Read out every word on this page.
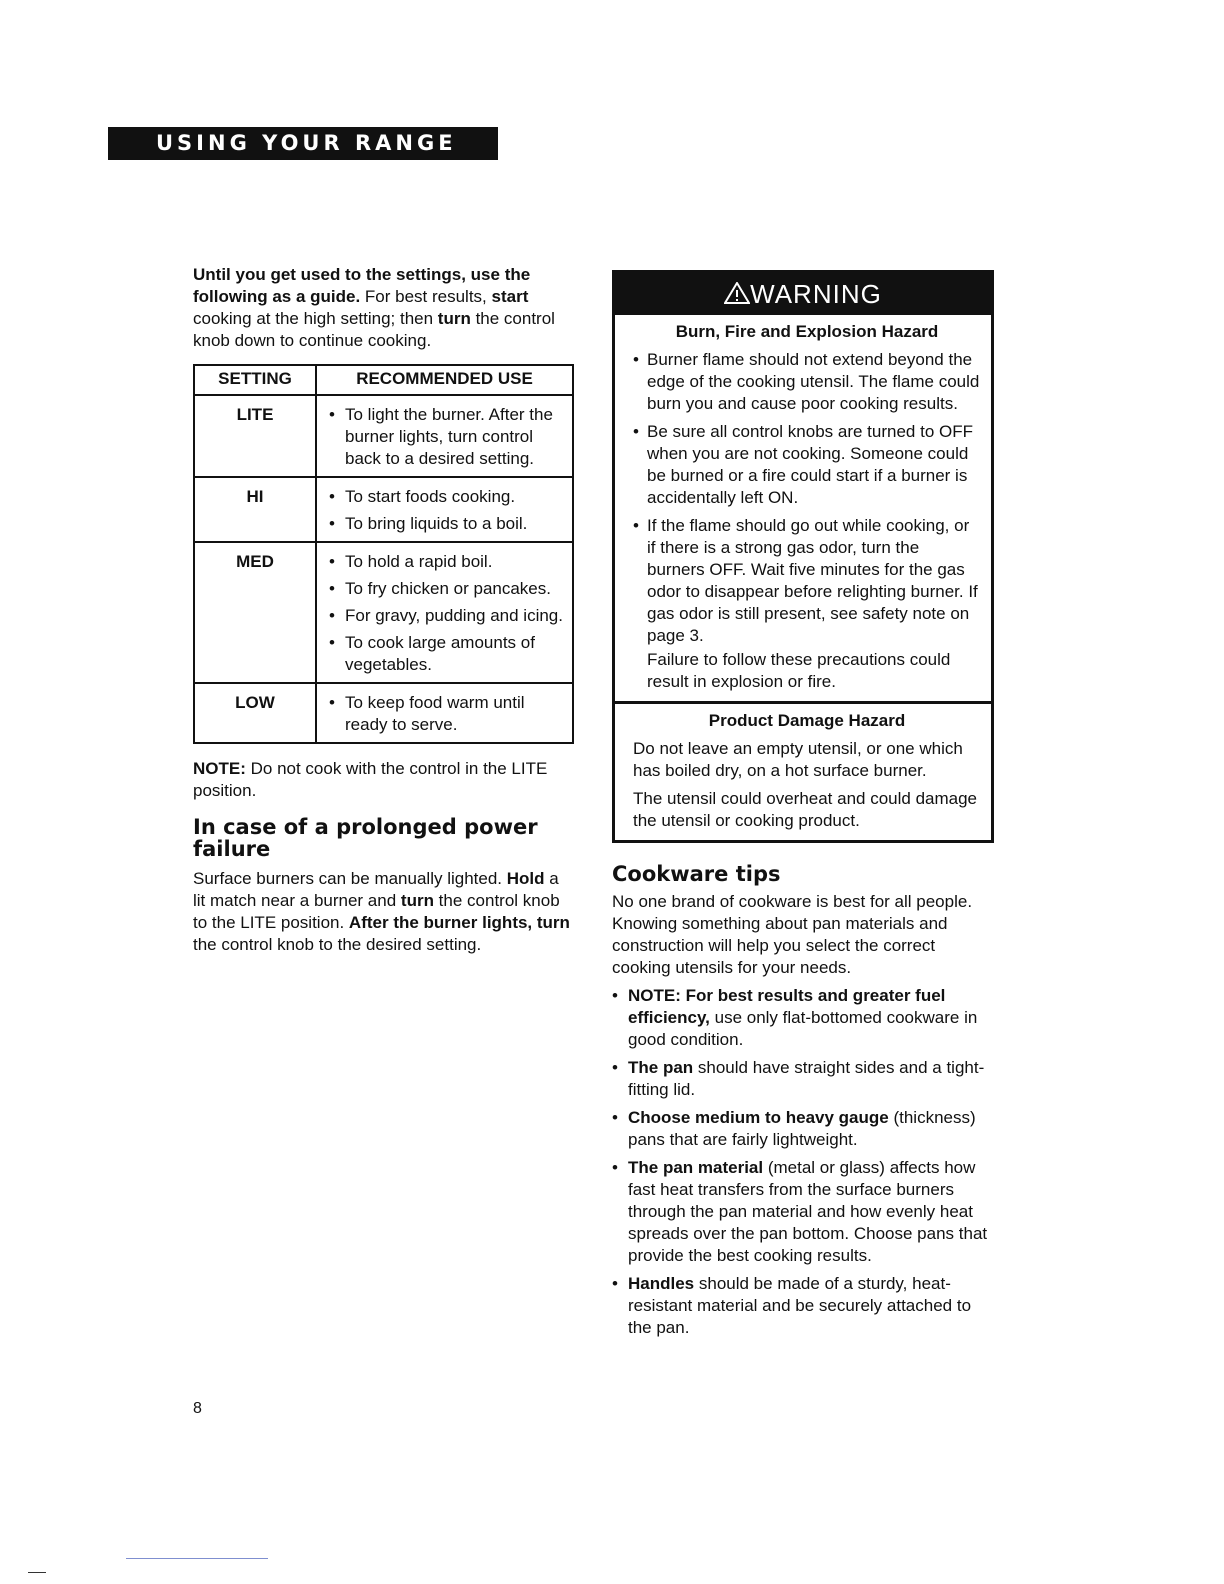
USING YOUR RANGE

Until you get used to the settings, use the following as a guide. For best results, start cooking at the high setting; then turn the control knob down to continue cooking.

SETTING	RECOMMENDED USE
LITE	• To light the burner. After the burner lights, turn control back to a desired setting.

HI	• To start foods cooking.
• To bring liquids to a boil.

MED	• To hold a rapid boil.
• To fry chicken or pancakes.
• For gravy, pudding and icing.
• To cook large amounts of vegetables.

LOW	• To keep food warm until ready to serve.

NOTE: Do not cook with the control in the LITE position.

In case of a prolonged power failure

Surface burners can be manually lighted. Hold a lit match near a burner and turn the control knob to the LITE position. After the burner lights, turn the control knob to the desired setting.

WARNING
Burn, Fire and Explosion Hazard
• Burner flame should not extend beyond the edge of the cooking utensil. The flame could burn you and cause poor cooking results.
• Be sure all control knobs are turned to OFF when you are not cooking. Someone could be burned or a fire could start if a burner is accidentally left ON.
• If the flame should go out while cooking, or if there is a strong gas odor, turn the burners OFF. Wait five minutes for the gas odor to disappear before relighting burner. If gas odor is still present, see safety note on page 3.

Failure to follow these precautions could result in explosion or fire.

Product Damage Hazard

Do not leave an empty utensil, or one which has boiled dry, on a hot surface burner.

The utensil could overheat and could damage the utensil or cooking product.

Cookware tips

No one brand of cookware is best for all people. Knowing something about pan materials and construction will help you select the correct cooking utensils for your needs.

• NOTE: For best results and greater fuel efficiency, use only flat-bottomed cookware in good condition.
• The pan should have straight sides and a tight-fitting lid.
• Choose medium to heavy gauge (thickness) pans that are fairly lightweight.
• The pan material (metal or glass) affects how fast heat transfers from the surface burners through the pan material and how evenly heat spreads over the pan bottom. Choose pans that provide the best cooking results.
• Handles should be made of a sturdy, heat-resistant material and be securely attached to the pan.
8
